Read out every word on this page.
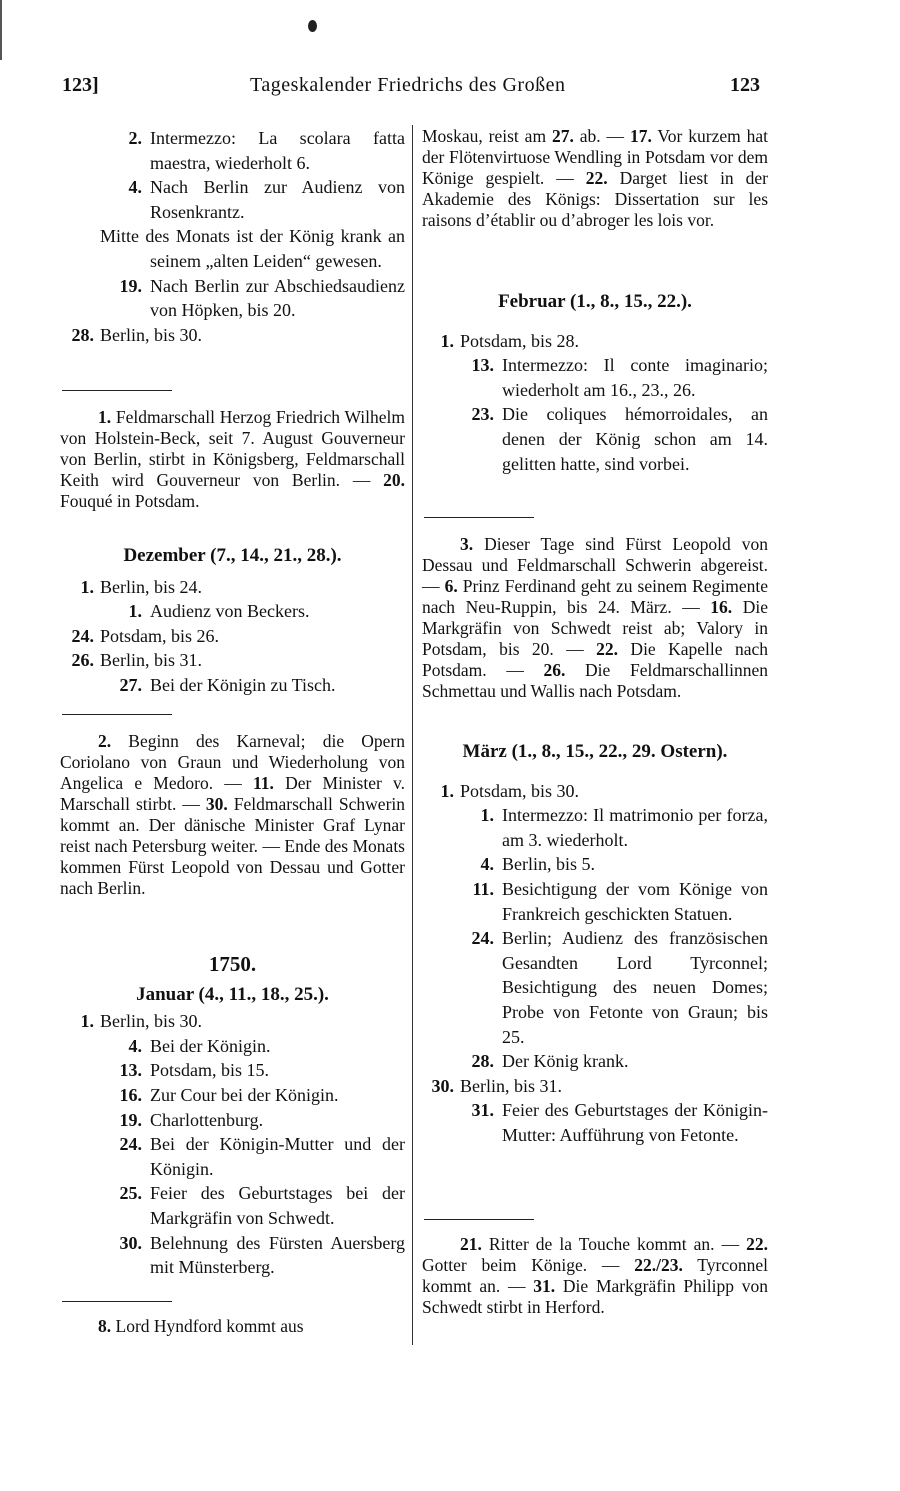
123]	Tageskalender Friedrichs des Großen	123
2. Intermezzo: La scolara fatta maestra, wiederholt 6.
4. Nach Berlin zur Audienz von Rosenkrantz.
Mitte des Monats ist der König krank an seinem „alten Leiden“ gewesen.
19. Nach Berlin zur Abschiedsaudienz von Höpken, bis 20.
28. Berlin, bis 30.
1. Feldmarschall Herzog Friedrich Wilhelm von Holstein-Beck, seit 7. August Gouverneur von Berlin, stirbt in Königsberg, Feldmarschall Keith wird Gouverneur von Berlin. — 20. Fouqué in Potsdam.
Dezember (7., 14., 21., 28.).
1. Berlin, bis 24.
1. Audienz von Beckers.
24. Potsdam, bis 26.
26. Berlin, bis 31.
27. Bei der Königin zu Tisch.
2. Beginn des Karneval; die Opern Coriolano von Graun und Wiederholung von Angelica e Medoro. — 11. Der Minister v. Marschall stirbt. — 30. Feldmarschall Schwerin kommt an. Der dänische Minister Graf Lynar reist nach Petersburg weiter. — Ende des Monats kommen Fürst Leopold von Dessau und Gotter nach Berlin.
1750.
Januar (4., 11., 18., 25.).
1. Berlin, bis 30.
4. Bei der Königin.
13. Potsdam, bis 15.
16. Zur Cour bei der Königin.
19. Charlottenburg.
24. Bei der Königin-Mutter und der Königin.
25. Feier des Geburtstages bei der Markgräfin von Schwedt.
30. Belehnung des Fürsten Auersberg mit Münsterberg.
8. Lord Hyndford kommt aus
Moskau, reist am 27. ab. — 17. Vor kurzem hat der Flötenvirtuose Wendling in Potsdam vor dem Könige gespielt. — 22. Darget liest in der Akademie des Königs: Dissertation sur les raisons d’établir ou d’abroger les lois vor.
Februar (1., 8., 15., 22.).
1. Potsdam, bis 28.
13. Intermezzo: Il conte imaginario; wiederholt am 16., 23., 26.
23. Die coliques hémorroidales, an denen der König schon am 14. gelitten hatte, sind vorbei.
3. Dieser Tage sind Fürst Leopold von Dessau und Feldmarschall Schwerin abgereist. — 6. Prinz Ferdinand geht zu seinem Regimente nach Neu-Ruppin, bis 24. März. — 16. Die Markgräfin von Schwedt reist ab; Valory in Potsdam, bis 20. — 22. Die Kapelle nach Potsdam. — 26. Die Feldmarschallinnen Schmettau und Wallis nach Potsdam.
März (1., 8., 15., 22., 29. Ostern).
1. Potsdam, bis 30.
1. Intermezzo: Il matrimonio per forza, am 3. wiederholt.
4. Berlin, bis 5.
11. Besichtigung der vom Könige von Frankreich geschickten Statuen.
24. Berlin; Audienz des französischen Gesandten Lord Tyrconnel; Besichtigung des neuen Domes; Probe von Fetonte von Graun; bis 25.
28. Der König krank.
30. Berlin, bis 31.
31. Feier des Geburtstages der Königin-Mutter: Aufführung von Fetonte.
21. Ritter de la Touche kommt an. — 22. Gotter beim Könige. — 22./23. Tyrconnel kommt an. — 31. Die Markgräfin Philipp von Schwedt stirbt in Herford.
